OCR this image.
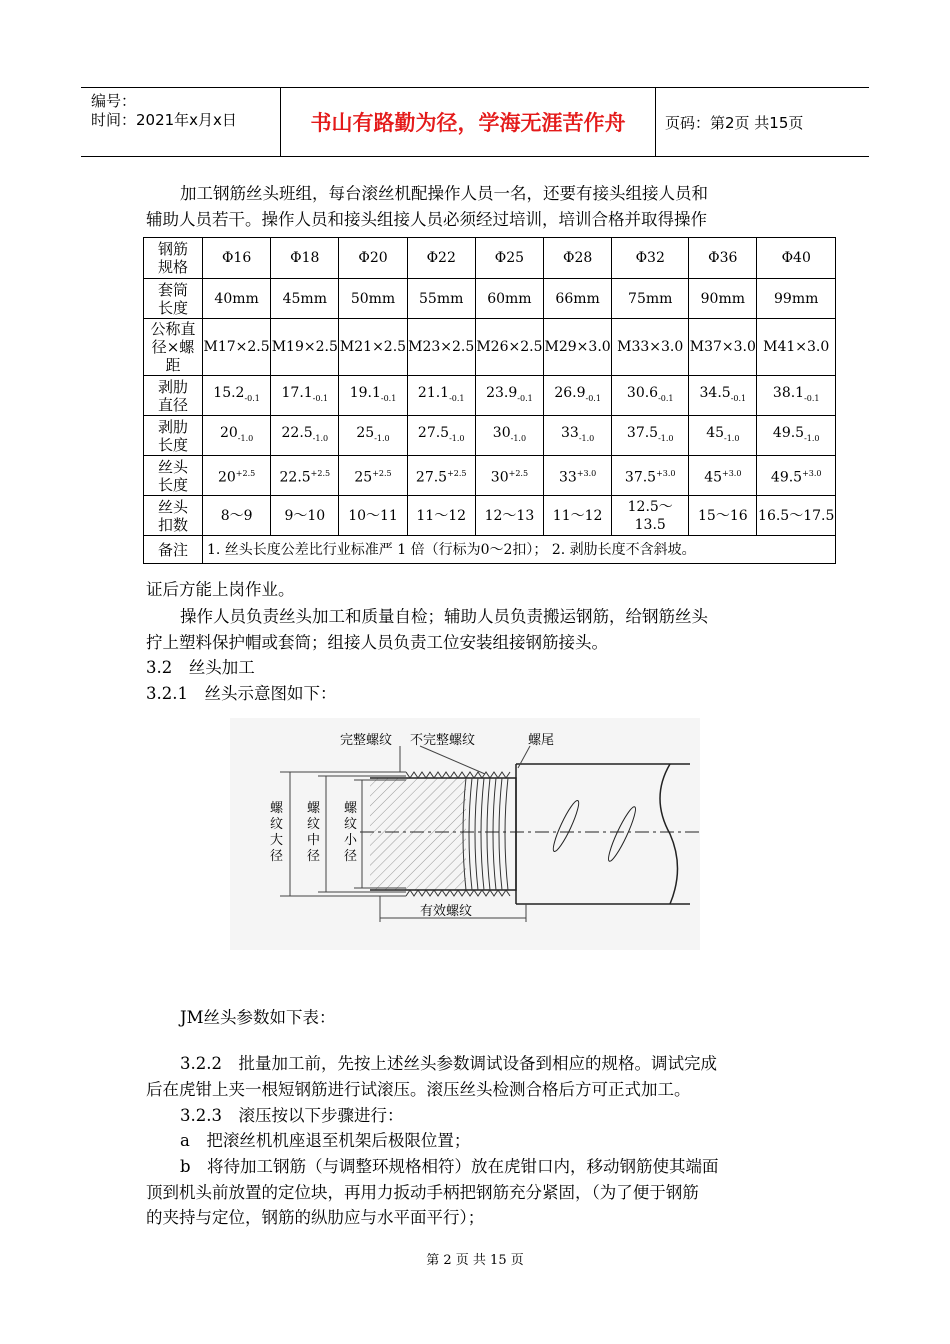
编号：
时间：2021年x月x日	书山有路勤为径，学海无涯苦作舟	页码：第2页 共15页
加工钢筋丝头班组，每台滚丝机配操作人员一名，还要有接头组接人员和
辅助人员若干。操作人员和接头组接人员必须经过培训，培训合格并取得操作
钢筋
规格	Φ16	Φ18	Φ20	Φ22	Φ25	Φ28	Φ32	Φ36	Φ40
套筒
长度	40mm	45mm	50mm	55mm	60mm	66mm	75mm	90mm	99mm
公称直
径×螺
距	M17×2.5	M19×2.5	M21×2.5	M23×2.5	M26×2.5	M29×3.0	M33×3.0	M37×3.0	M41×3.0
剥肋
直径	$15.2_{-0.1}$	$17.1_{-0.1}$	$19.1_{-0.1}$	$21.1_{-0.1}$	$23.9_{-0.1}$	$26.9_{-0.1}$	$30.6_{-0.1}$	$34.5_{-0.1}$	$38.1_{-0.1}$
剥肋
长度	$20_{-1.0}$	$22.5_{-1.0}$	$25_{-1.0}$	$27.5_{-1.0}$	$30_{-1.0}$	$33_{-1.0}$	$37.5_{-1.0}$	$45_{-1.0}$	$49.5_{-1.0}$
丝头
长度	$20^{+2.5}$	$22.5^{+2.5}$	$25^{+2.5}$	$27.5^{+2.5}$	$30^{+2.5}$	$33^{+3.0}$	$37.5^{+3.0}$	$45^{+3.0}$	$49.5^{+3.0}$
丝头
扣数	8～9	9～10	10～11	11～12	12～13	11～12	12.5～13.5	15～16	16.5～17.5
备注	1. 丝头长度公差比行业标准严 1 倍（行标为0～2扣）； 2. 剥肋长度不含斜坡。								
证后方能上岗作业。
操作人员负责丝头加工和质量自检；辅助人员负责搬运钢筋，给钢筋丝头
拧上塑料保护帽或套筒；组接人员负责工位安装组接钢筋接头。
3.2　丝头加工
3.2.1　丝头示意图如下：
完整螺纹 不完整螺纹	螺尾
螺
纹
大
径
螺
纹
中
径
螺
纹
小
径
有效螺纹
JM丝头参数如下表：
3.2.2　批量加工前，先按上述丝头参数调试设备到相应的规格。调试完成
后在虎钳上夹一根短钢筋进行试滚压。滚压丝头检测合格后方可正式加工。
3.2.3　滚压按以下步骤进行：
a　把滚丝机机座退至机架后极限位置；
b　将待加工钢筋（与调整环规格相符）放在虎钳口内，移动钢筋使其端面
顶到机头前放置的定位块，再用力扳动手柄把钢筋充分紧固，（为了便于钢筋
的夹持与定位，钢筋的纵肋应与水平面平行）；
第 2 页 共 15 页
